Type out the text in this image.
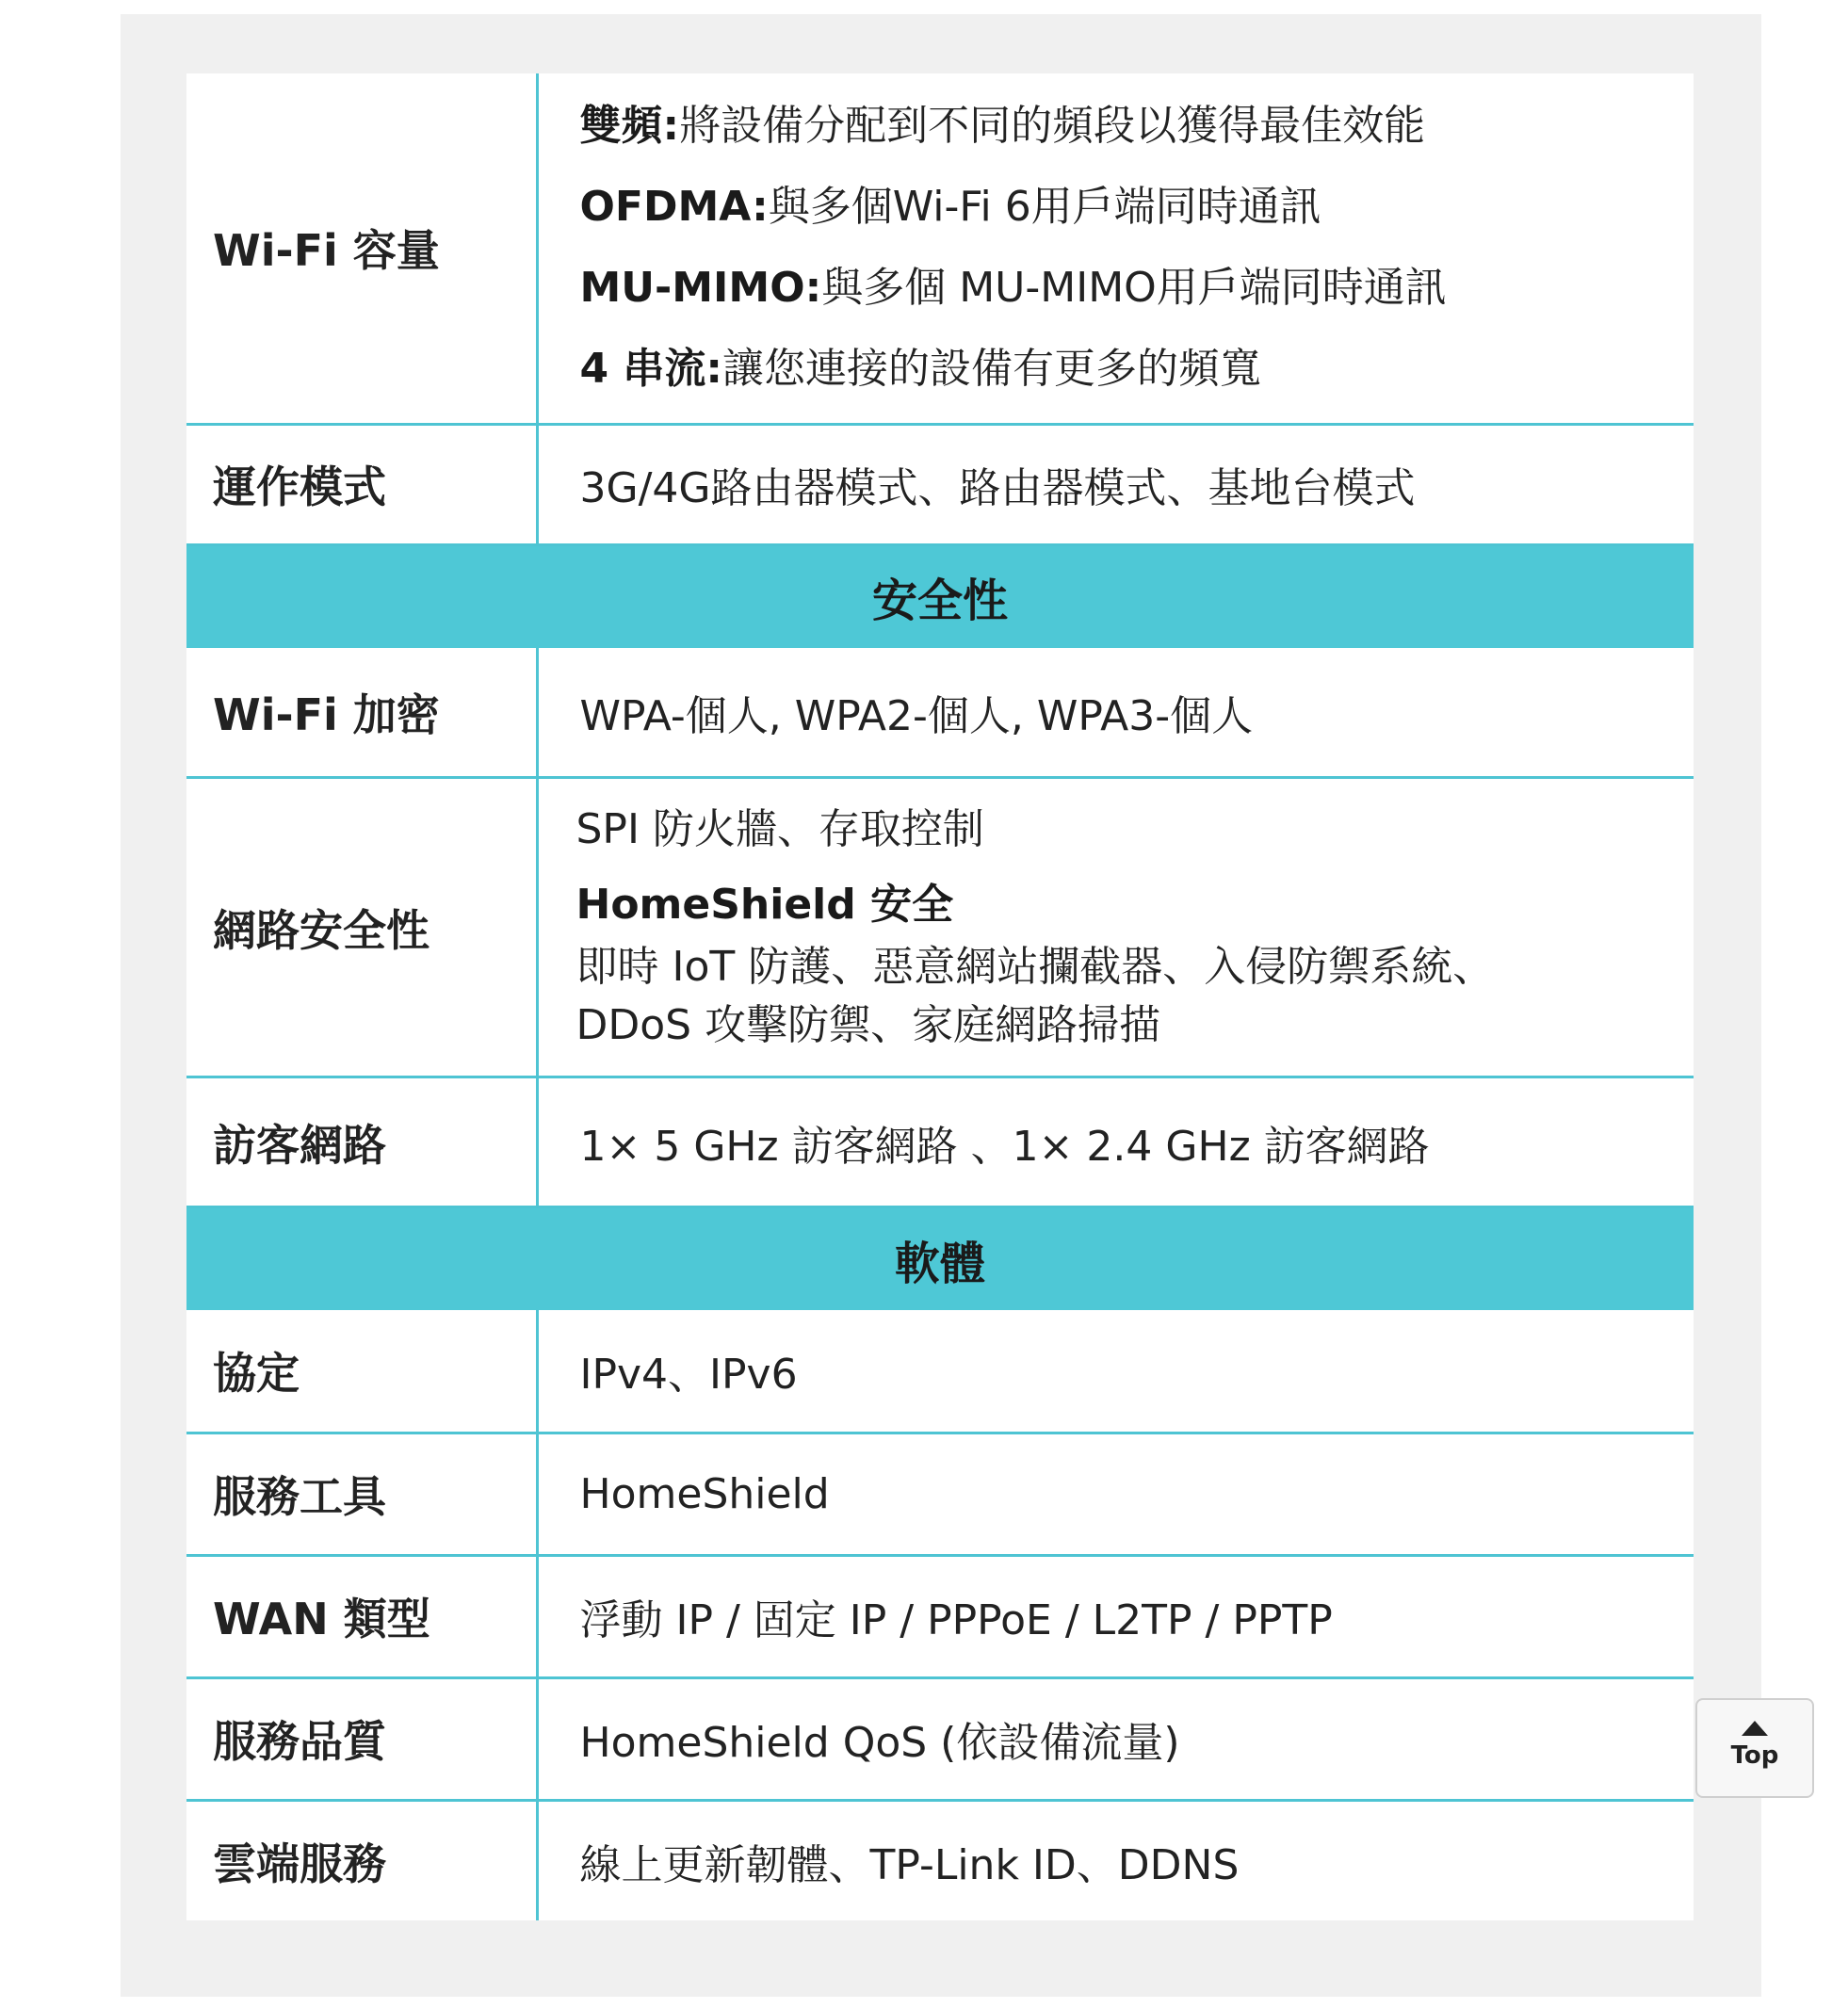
Wi-Fi 容量	雙頻:將設備分配到不同的頻段以獲得最佳效能
OFDMA:與多個Wi-Fi 6用戶端同時通訊
MU-MIMO:與多個 MU-MIMO用戶端同時通訊
4 串流:讓您連接的設備有更多的頻寬

運作模式	3G/4G路由器模式、路由器模式、基地台模式
安全性	
Wi-Fi 加密	WPA-個人, WPA2-個人, WPA3-個人
網路安全性	SPI 防火牆、存取控制
HomeShield 安全
即時 IoT 防護、惡意網站攔截器、入侵防禦系統、
DDoS 攻擊防禦、家庭網路掃描

訪客網路	1× 5 GHz 訪客網路 、1× 2.4 GHz 訪客網路
軟體	
協定	IPv4、IPv6
服務工具	HomeShield
WAN 類型	浮動 IP / 固定 IP / PPPoE / L2TP / PPTP
服務品質	HomeShield QoS (依設備流量)
雲端服務	線上更新韌體、TP-Link ID、DDNS
Top
